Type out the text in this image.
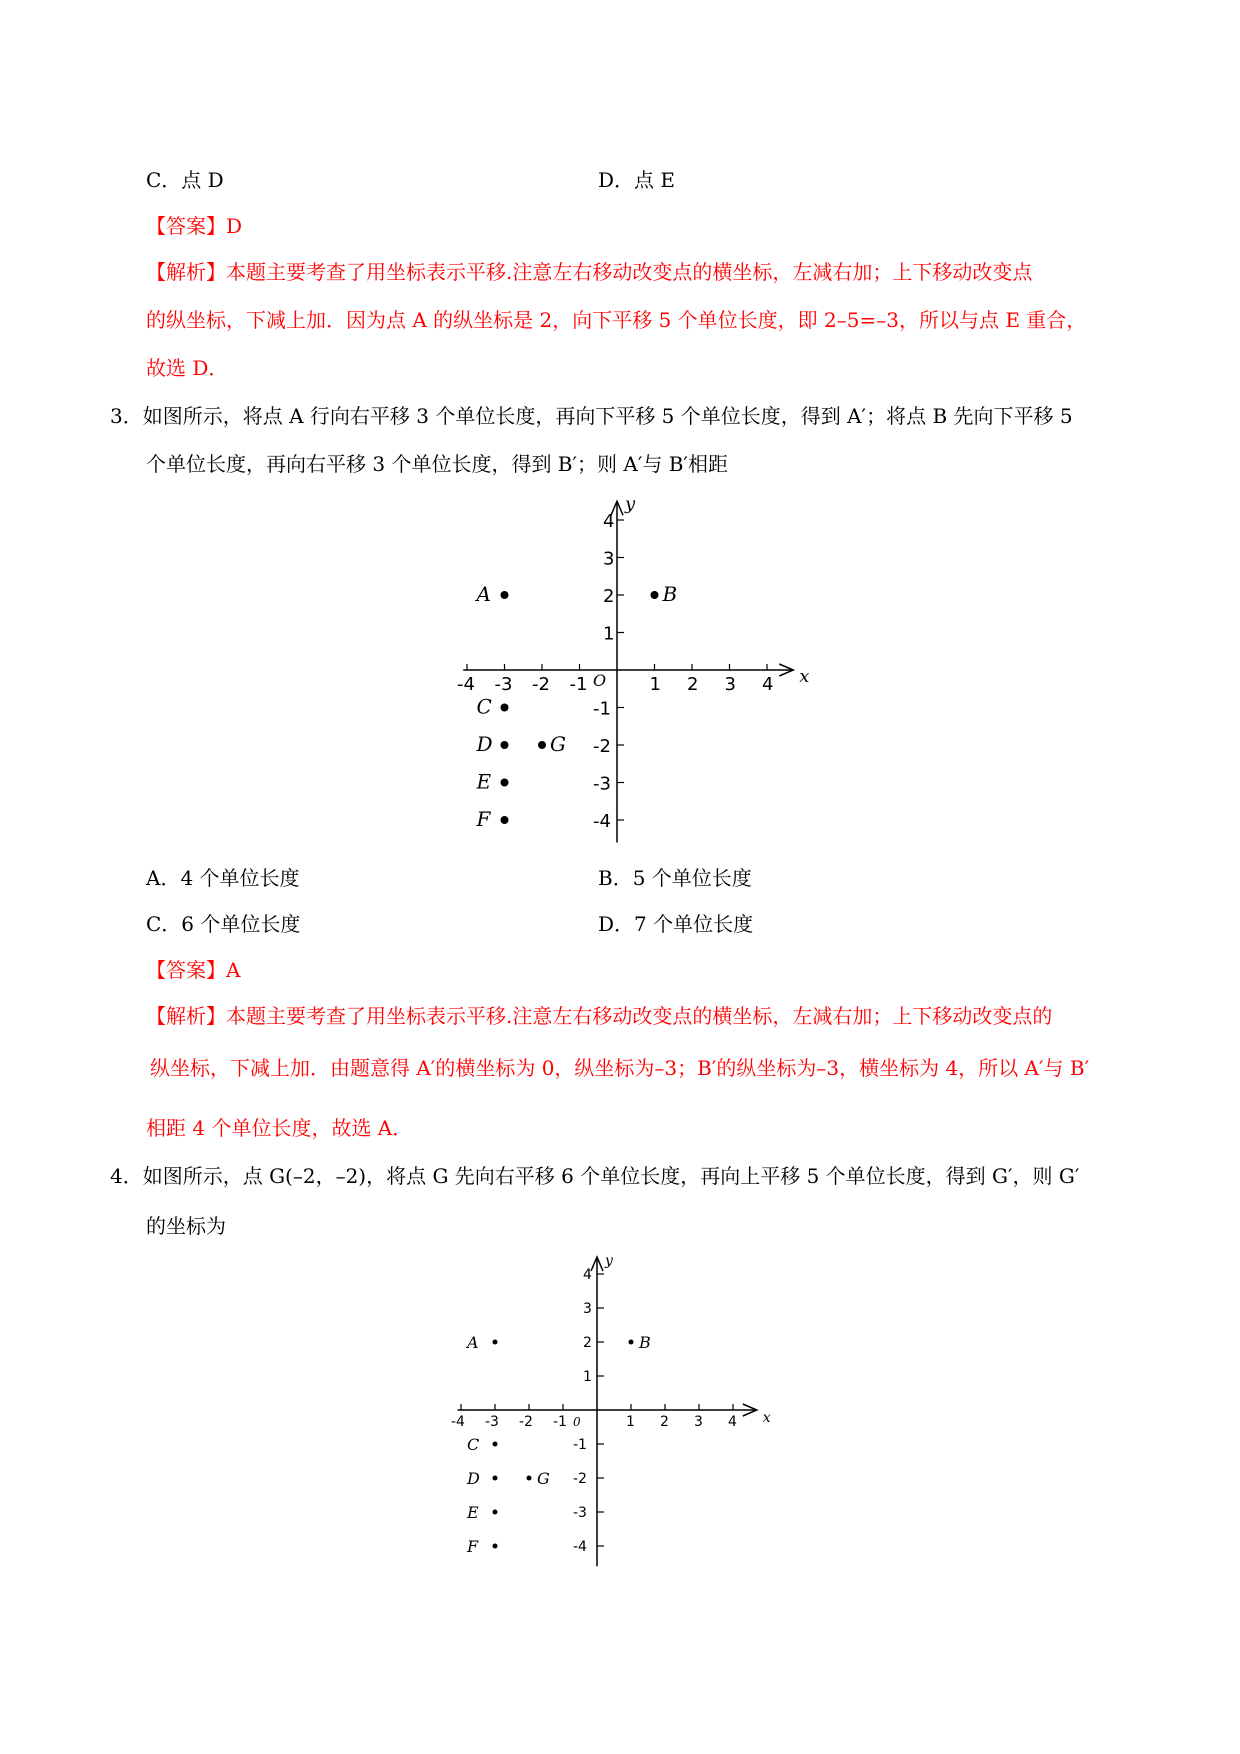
C．点 D	D．点 E
【答案】D
【解析】本题主要考查了用坐标表示平移.注意左右移动改变点的横坐标，左减右加；上下移动改变点
的纵坐标，下减上加．因为点 A 的纵坐标是 2，向下平移 5 个单位长度，即 2–5=–3，所以与点 E 重合，
故选 D．
3．如图所示，将点 A 行向右平移 3 个单位长度，再向下平移 5 个单位长度，得到 A′；将点 B 先向下平移 5
个单位长度，再向右平移 3 个单位长度，得到 B′；则 A′与 B′相距
x
y
O
-4 -3 -2 -1	1 2 3 4
4
3
2
1
-1
-2
-3
-4
A	B
C
D	G
E
F
A．4 个单位长度	B．5 个单位长度
C．6 个单位长度	D．7 个单位长度
【答案】A
【解析】本题主要考查了用坐标表示平移.注意左右移动改变点的横坐标，左减右加；上下移动改变点的
纵坐标，下减上加．由题意得 A′的横坐标为 0，纵坐标为–3；B′的纵坐标为–3，横坐标为 4，所以 A′与 B′
相距 4 个单位长度，故选 A．
4．如图所示，点 G(–2，–2)，将点 G 先向右平移 6 个单位长度，再向上平移 5 个单位长度，得到 G′，则 G′
的坐标为
x
y
0
-4 -3 -2 -1	1 2 3 4
4
3
2
1
-1
-2
-3
-4
A	B
C
D	G
E
F
